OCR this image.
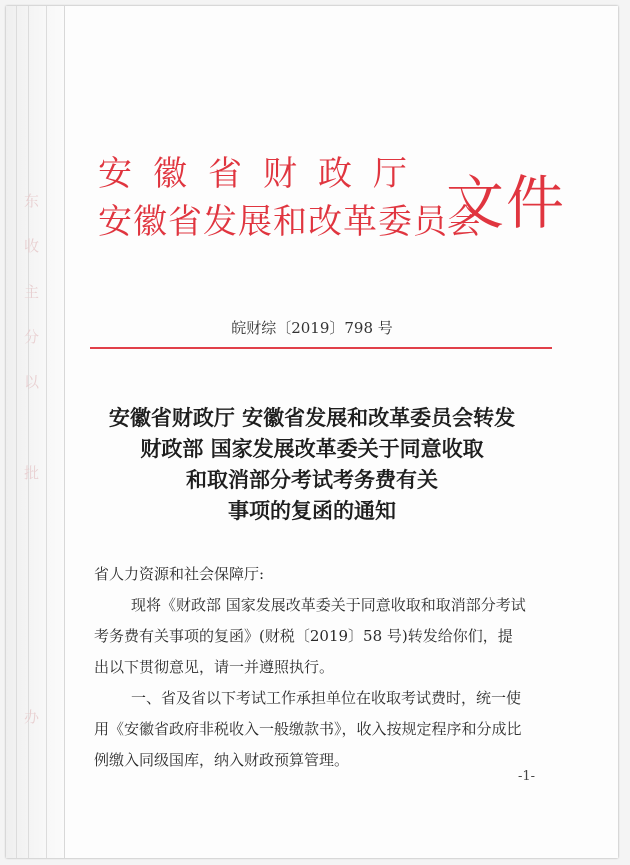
东
收
主
分
以
批
办
安徽省财政厅
安徽省发展和改革委员会
文件
皖财综〔2019〕798 号
安徽省财政厅 安徽省发展和改革委员会转发
财政部 国家发展改革委关于同意收取
和取消部分考试考务费有关
事项的复函的通知
省人力资源和社会保障厅:
现将《财政部 国家发展改革委关于同意收取和取消部分考试
考务费有关事项的复函》(财税〔2019〕58 号)转发给你们，提
出以下贯彻意见，请一并遵照执行。
一、省及省以下考试工作承担单位在收取考试费时，统一使
用《安徽省政府非税收入一般缴款书》，收入按规定程序和分成比
例缴入同级国库，纳入财政预算管理。
-1-
